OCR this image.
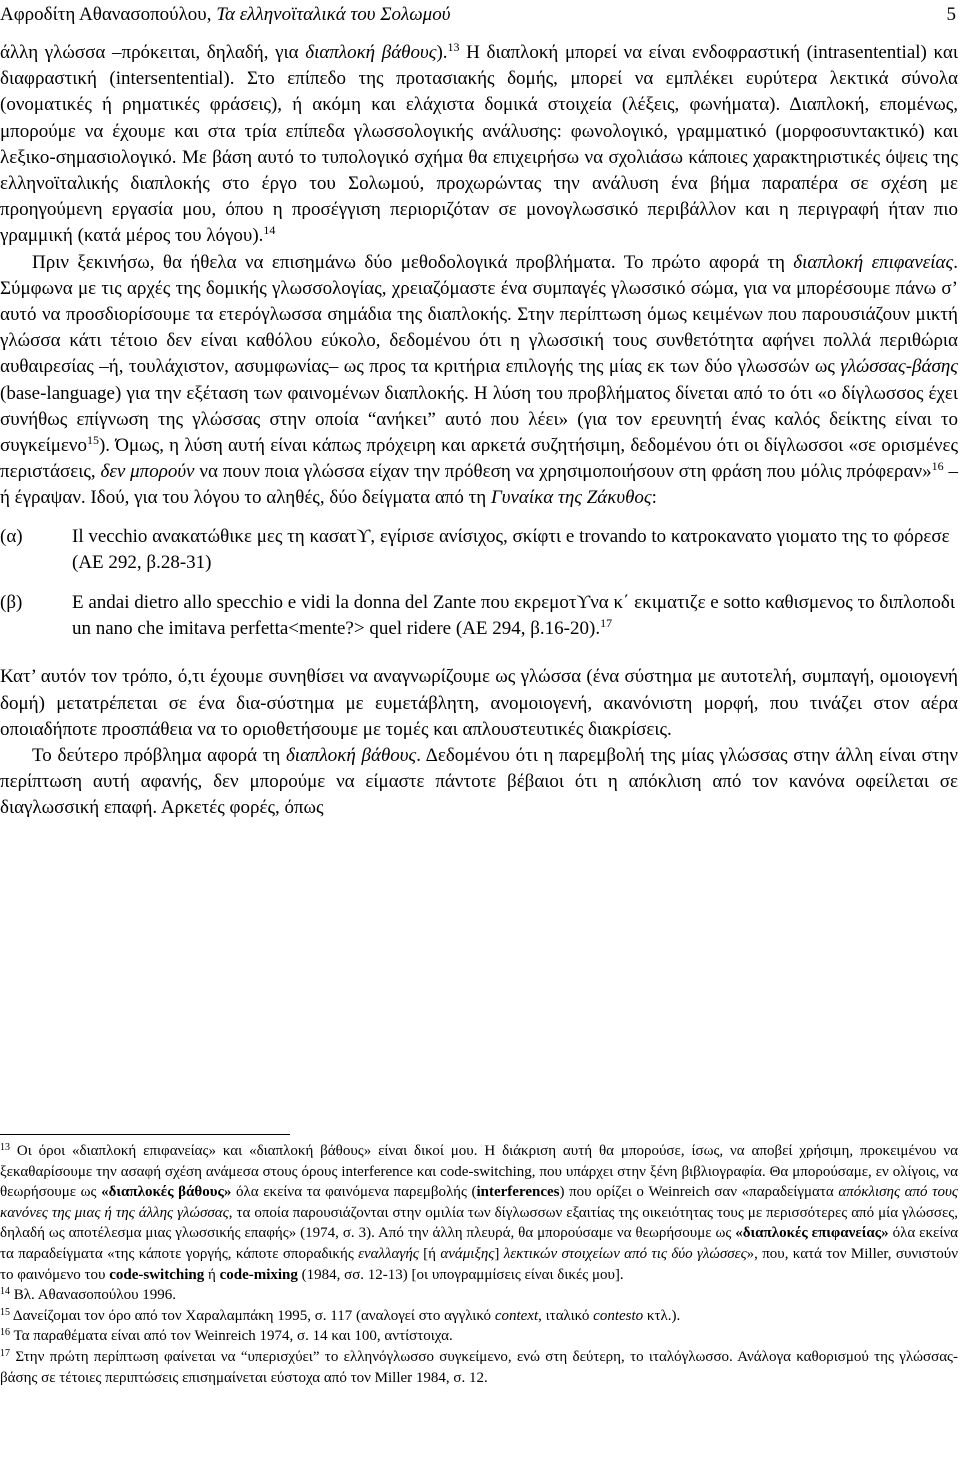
Αφροδίτη Αθανασοπούλου, Τα ελληνοϊταλικά του Σολωμού	5

άλλη γλώσσα –πρόκειται, δηλαδή, για διαπλοκή βάθους).$^{13}$ Η διαπλοκή μπορεί να είναι ενδοφραστική (intrasentential) και διαφραστική (intersentential). Στο επίπεδο της προτασιακής δομής, μπορεί να εμπλέκει ευρύτερα λεκτικά σύνολα (ονοματικές ή ρηματικές φράσεις), ή ακόμη και ελάχιστα δομικά στοιχεία (λέξεις, φωνήματα). Διαπλοκή, επομένως, μπορούμε να έχουμε και στα τρία επίπεδα γλωσσολογικής ανάλυσης: φωνολογικό, γραμματικό (μορφοσυντακτικό) και λεξικο-σημασιολογικό. Με βάση αυτό το τυπολογικό σχήμα θα επιχειρήσω να σχολιάσω κάποιες χαρακτηριστικές όψεις της ελληνοϊταλικής διαπλοκής στο έργο του Σολωμού, προχωρώντας την ανάλυση ένα βήμα παραπέρα σε σχέση με προηγούμενη εργασία μου, όπου η προσέγγιση περιοριζόταν σε μονογλωσσικό περιβάλλον και η περιγραφή ήταν πιο γραμμική (κατά μέρος του λόγου).$^{14}$

Πριν ξεκινήσω, θα ήθελα να επισημάνω δύο μεθοδολογικά προβλήματα. Το πρώτο αφορά τη διαπλοκή επιφανείας. Σύμφωνα με τις αρχές της δομικής γλωσσολογίας, χρειαζόμαστε ένα συμπαγές γλωσσικό σώμα, για να μπορέσουμε πάνω σ’ αυτό να προσδιορίσουμε τα ετερόγλωσσα σημάδια της διαπλοκής. Στην περίπτωση όμως κειμένων που παρουσιάζουν μικτή γλώσσα κάτι τέτοιο δεν είναι καθόλου εύκολο, δεδομένου ότι η γλωσσική τους συνθετότητα αφήνει πολλά περιθώρια αυθαιρεσίας –ή, τουλάχιστον, ασυμφωνίας– ως προς τα κριτήρια επιλογής της μίας εκ των δύο γλωσσών ως γλώσσας-βάσης (base-language) για την εξέταση των φαινομένων διαπλοκής. Η λύση του προβλήματος δίνεται από το ότι «ο δίγλωσσος έχει συνήθως επίγνωση της γλώσσας στην οποία “ανήκει” αυτό που λέει» (για τον ερευνητή ένας καλός δείκτης είναι το συγκείμενο$^{15}$). Όμως, η λύση αυτή είναι κάπως πρόχειρη και αρκετά συζητήσιμη, δεδομένου ότι οι δίγλωσσοι «σε ορισμένες περιστάσεις, δεν μπορούν να πουν ποια γλώσσα είχαν την πρόθεση να χρησιμοποιήσουν στη φράση που μόλις πρόφεραν»$^{16}$ –ή έγραψαν. Ιδού, για του λόγου το αληθές, δύο δείγματα από τη Γυναίκα της Ζάκυθος:

(α)	Il vecchio ανακατώθικε μες τη κασατϒ, εγίρισε ανίσιχος, σκίφτι e trovando to κατροκανατο γιοματο της το φόρεσε (ΑΕ 292, β.28-31)
(β)	E andai dietro allo specchio e vidi la donna del Zante που εκρεμοτϒνα κ΄ εκιματιζε e sotto καθισμενος το διπλοποδι un nano che imitava perfetta<mente?> quel ridere (ΑΕ 294, β.16-20).$^{17}$

Κατ’ αυτόν τον τρόπο, ό,τι έχουμε συνηθίσει να αναγνωρίζουμε ως γλώσσα (ένα σύστημα με αυτοτελή, συμπαγή, ομοιογενή δομή) μετατρέπεται σε ένα δια-σύστημα με ευμετάβλητη, ανομοιογενή, ακανόνιστη μορφή, που τινάζει στον αέρα οποιαδήποτε προσπάθεια να το οριοθετήσουμε με τομές και απλουστευτικές διακρίσεις.

Το δεύτερο πρόβλημα αφορά τη διαπλοκή βάθους. Δεδομένου ότι η παρεμβολή της μίας γλώσσας στην άλλη είναι στην περίπτωση αυτή αφανής, δεν μπορούμε να είμαστε πάντοτε βέβαιοι ότι η απόκλιση από τον κανόνα οφείλεται σε διαγλωσσική επαφή. Αρκετές φορές, όπως

$^{13}$ Οι όροι «διαπλοκή επιφανείας» και «διαπλοκή βάθους» είναι δικοί μου. Η διάκριση αυτή θα μπορούσε, ίσως, να αποβεί χρήσιμη, προκειμένου να ξεκαθαρίσουμε την ασαφή σχέση ανάμεσα στους όρους interference και code-switching, που υπάρχει στην ξένη βιβλιογραφία. Θα μπορούσαμε, εν ολίγοις, να θεωρήσουμε ως «διαπλοκές βάθους» όλα εκείνα τα φαινόμενα παρεμβολής (interferences) που ορίζει ο Weinreich σαν «παραδείγματα απόκλισης από τους κανόνες της μιας ή της άλλης γλώσσας, τα οποία παρουσιάζονται στην ομιλία των δίγλωσσων εξαιτίας της οικειότητας τους με περισσότερες από μία γλώσσες, δηλαδή ως αποτέλεσμα μιας γλωσσικής επαφής» (1974, σ. 3). Από την άλλη πλευρά, θα μπορούσαμε να θεωρήσουμε ως «διαπλοκές επιφανείας» όλα εκείνα τα παραδείγματα «της κάποτε γοργής, κάποτε σποραδικής εναλλαγής [ή ανάμιξης] λεκτικών στοιχείων από τις δύο γλώσσες», που, κατά τον Miller, συνιστούν το φαινόμενο του code-switching ή code-mixing (1984, σσ. 12-13) [οι υπογραμμίσεις είναι δικές μου].

$^{14}$ Βλ. Αθανασοπούλου 1996.

$^{15}$ Δανείζομαι τον όρο από τον Χαραλαμπάκη 1995, σ. 117 (αναλογεί στο αγγλικό context, ιταλικό contesto κτλ.).

$^{16}$ Τα παραθέματα είναι από τον Weinreich 1974, σ. 14 και 100, αντίστοιχα.

$^{17}$ Στην πρώτη περίπτωση φαίνεται να “υπερισχύει” το ελληνόγλωσσο συγκείμενο, ενώ στη δεύτερη, το ιταλόγλωσσο. Ανάλογα καθορισμού της γλώσσας-βάσης σε τέτοιες περιπτώσεις επισημαίνεται εύστοχα από τον Miller 1984, σ. 12.
